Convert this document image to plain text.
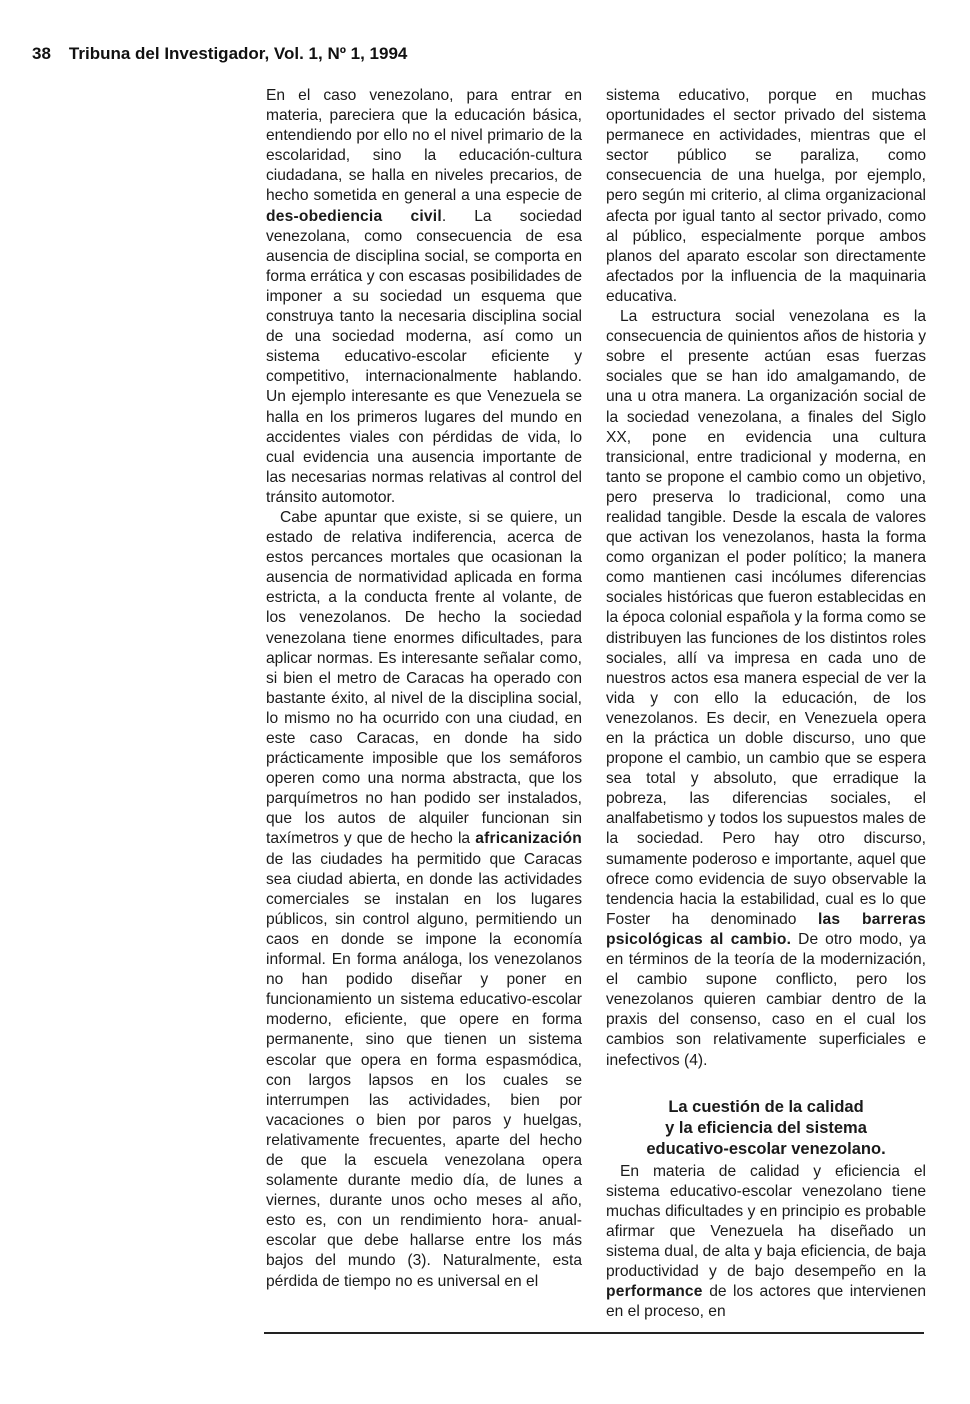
38 Tribuna del Investigador, Vol. 1, Nº 1, 1994

En el caso venezolano, para entrar en materia, pareciera que la educación básica, entendiendo por ello no el nivel primario de la escolaridad, sino la educación-cultura ciudadana, se halla en niveles precarios, de hecho sometida en general a una especie de des-obediencia civil. La sociedad venezolana, como consecuencia de esa ausencia de disciplina social, se comporta en forma errática y con escasas posibilidades de imponer a su sociedad un esquema que construya tanto la necesaria disciplina social de una sociedad moderna, así como un sistema educativo-escolar eficiente y competitivo, internacionalmente hablando. Un ejemplo interesante es que Venezuela se halla en los primeros lugares del mundo en accidentes viales con pérdidas de vida, lo cual evidencia una ausencia importante de las necesarias normas relativas al control del tránsito automotor.

Cabe apuntar que existe, si se quiere, un estado de relativa indiferencia, acerca de estos percances mortales que ocasionan la ausencia de normatividad aplicada en forma estricta, a la conducta frente al volante, de los venezolanos. De hecho la sociedad venezolana tiene enormes dificultades, para aplicar normas. Es interesante señalar como, si bien el metro de Caracas ha operado con bastante éxito, al nivel de la disciplina social, lo mismo no ha ocurrido con una ciudad, en este caso Caracas, en donde ha sido prácticamente imposible que los semáforos operen como una norma abstracta, que los parquímetros no han podido ser instalados, que los autos de alquiler funcionan sin taxímetros y que de hecho la africanización de las ciudades ha permitido que Caracas sea ciudad abierta, en donde las actividades comerciales se instalan en los lugares públicos, sin control alguno, permitiendo un caos en donde se impone la economía informal. En forma análoga, los venezolanos no han podido diseñar y poner en funcionamiento un sistema educativo-escolar moderno, eficiente, que opere en forma permanente, sino que tienen un sistema escolar que opera en forma espasmódica, con largos lapsos en los cuales se interrumpen las actividades, bien por vacaciones o bien por paros y huelgas, relativamente frecuentes, aparte del hecho de que la escuela venezolana opera solamente durante medio día, de lunes a viernes, durante unos ocho meses al año, esto es, con un rendimiento hora- anual-escolar que debe hallarse entre los más bajos del mundo (3). Naturalmente, esta pérdida de tiempo no es universal en el

sistema educativo, porque en muchas oportunidades el sector privado del sistema permanece en actividades, mientras que el sector público se paraliza, como consecuencia de una huelga, por ejemplo, pero según mi criterio, al clima organizacional afecta por igual tanto al sector privado, como al público, especialmente porque ambos planos del aparato escolar son directamente afectados por la influencia de la maquinaria educativa.

La estructura social venezolana es la consecuencia de quinientos años de historia y sobre el presente actúan esas fuerzas sociales que se han ido amalgamando, de una u otra manera. La organización social de la sociedad venezolana, a finales del Siglo XX, pone en evidencia una cultura transicional, entre tradicional y moderna, en tanto se propone el cambio como un objetivo, pero preserva lo tradicional, como una realidad tangible. Desde la escala de valores que activan los venezolanos, hasta la forma como organizan el poder político; la manera como mantienen casi incólumes diferencias sociales históricas que fueron establecidas en la época colonial española y la forma como se distribuyen las funciones de los distintos roles sociales, allí va impresa en cada uno de nuestros actos esa manera especial de ver la vida y con ello la educación, de los venezolanos. Es decir, en Venezuela opera en la práctica un doble discurso, uno que propone el cambio, un cambio que se espera sea total y absoluto, que erradique la pobreza, las diferencias sociales, el analfabetismo y todos los supuestos males de la sociedad. Pero hay otro discurso, sumamente poderoso e importante, aquel que ofrece como evidencia de suyo observable la tendencia hacia la estabilidad, cual es lo que Foster ha denominado las barreras psicológicas al cambio. De otro modo, ya en términos de la teoría de la modernización, el cambio supone conflicto, pero los venezolanos quieren cambiar dentro de la praxis del consenso, caso en el cual los cambios son relativamente superficiales e inefectivos (4).

La cuestión de la calidad
y la eficiencia del sistema
educativo-escolar venezolano.

En materia de calidad y eficiencia el sistema educativo-escolar venezolano tiene muchas dificultades y en principio es probable afirmar que Venezuela ha diseñado un sistema dual, de alta y baja eficiencia, de baja productividad y de bajo desempeño en la performance de los actores que intervienen en el proceso, en
